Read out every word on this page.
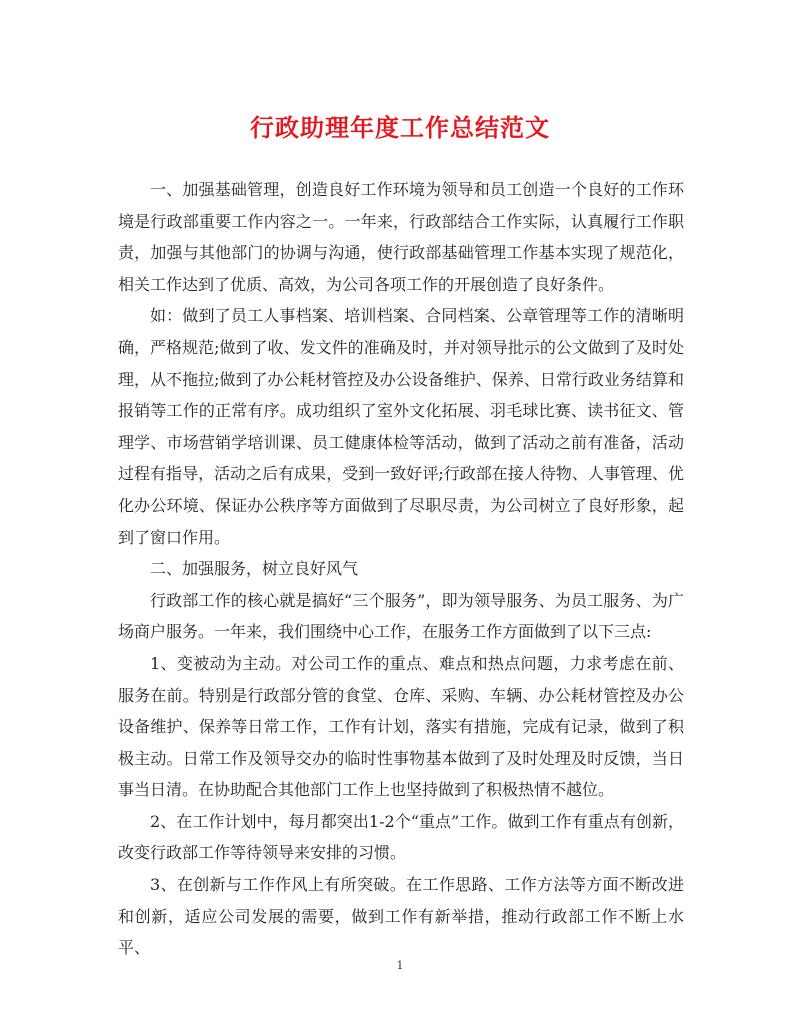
行政助理年度工作总结范文

一、加强基础管理，创造良好工作环境为领导和员工创造一个良好的工作环境是行政部重要工作内容之一。一年来，行政部结合工作实际，认真履行工作职责，加强与其他部门的协调与沟通，使行政部基础管理工作基本实现了规范化，相关工作达到了优质、高效，为公司各项工作的开展创造了良好条件。

如：做到了员工人事档案、培训档案、合同档案、公章管理等工作的清晰明确，严格规范;做到了收、发文件的准确及时，并对领导批示的公文做到了及时处理，从不拖拉;做到了办公耗材管控及办公设备维护、保养、日常行政业务结算和报销等工作的正常有序。成功组织了室外文化拓展、羽毛球比赛、读书征文、管理学、市场营销学培训课、员工健康体检等活动，做到了活动之前有准备，活动过程有指导，活动之后有成果，受到一致好评;行政部在接人待物、人事管理、优化办公环境、保证办公秩序等方面做到了尽职尽责，为公司树立了良好形象，起到了窗口作用。

二、加强服务，树立良好风气

行政部工作的核心就是搞好“三个服务”，即为领导服务、为员工服务、为广场商户服务。一年来，我们围绕中心工作，在服务工作方面做到了以下三点:

1、变被动为主动。对公司工作的重点、难点和热点问题，力求考虑在前、服务在前。特别是行政部分管的食堂、仓库、采购、车辆、办公耗材管控及办公设备维护、保养等日常工作，工作有计划，落实有措施，完成有记录，做到了积极主动。日常工作及领导交办的临时性事物基本做到了及时处理及时反馈，当日事当日清。在协助配合其他部门工作上也坚持做到了积极热情不越位。

2、在工作计划中，每月都突出1-2个“重点”工作。做到工作有重点有创新，改变行政部工作等待领导来安排的习惯。

3、在创新与工作作风上有所突破。在工作思路、工作方法等方面不断改进和创新，适应公司发展的需要，做到工作有新举措，推动行政部工作不断上水平、

1
